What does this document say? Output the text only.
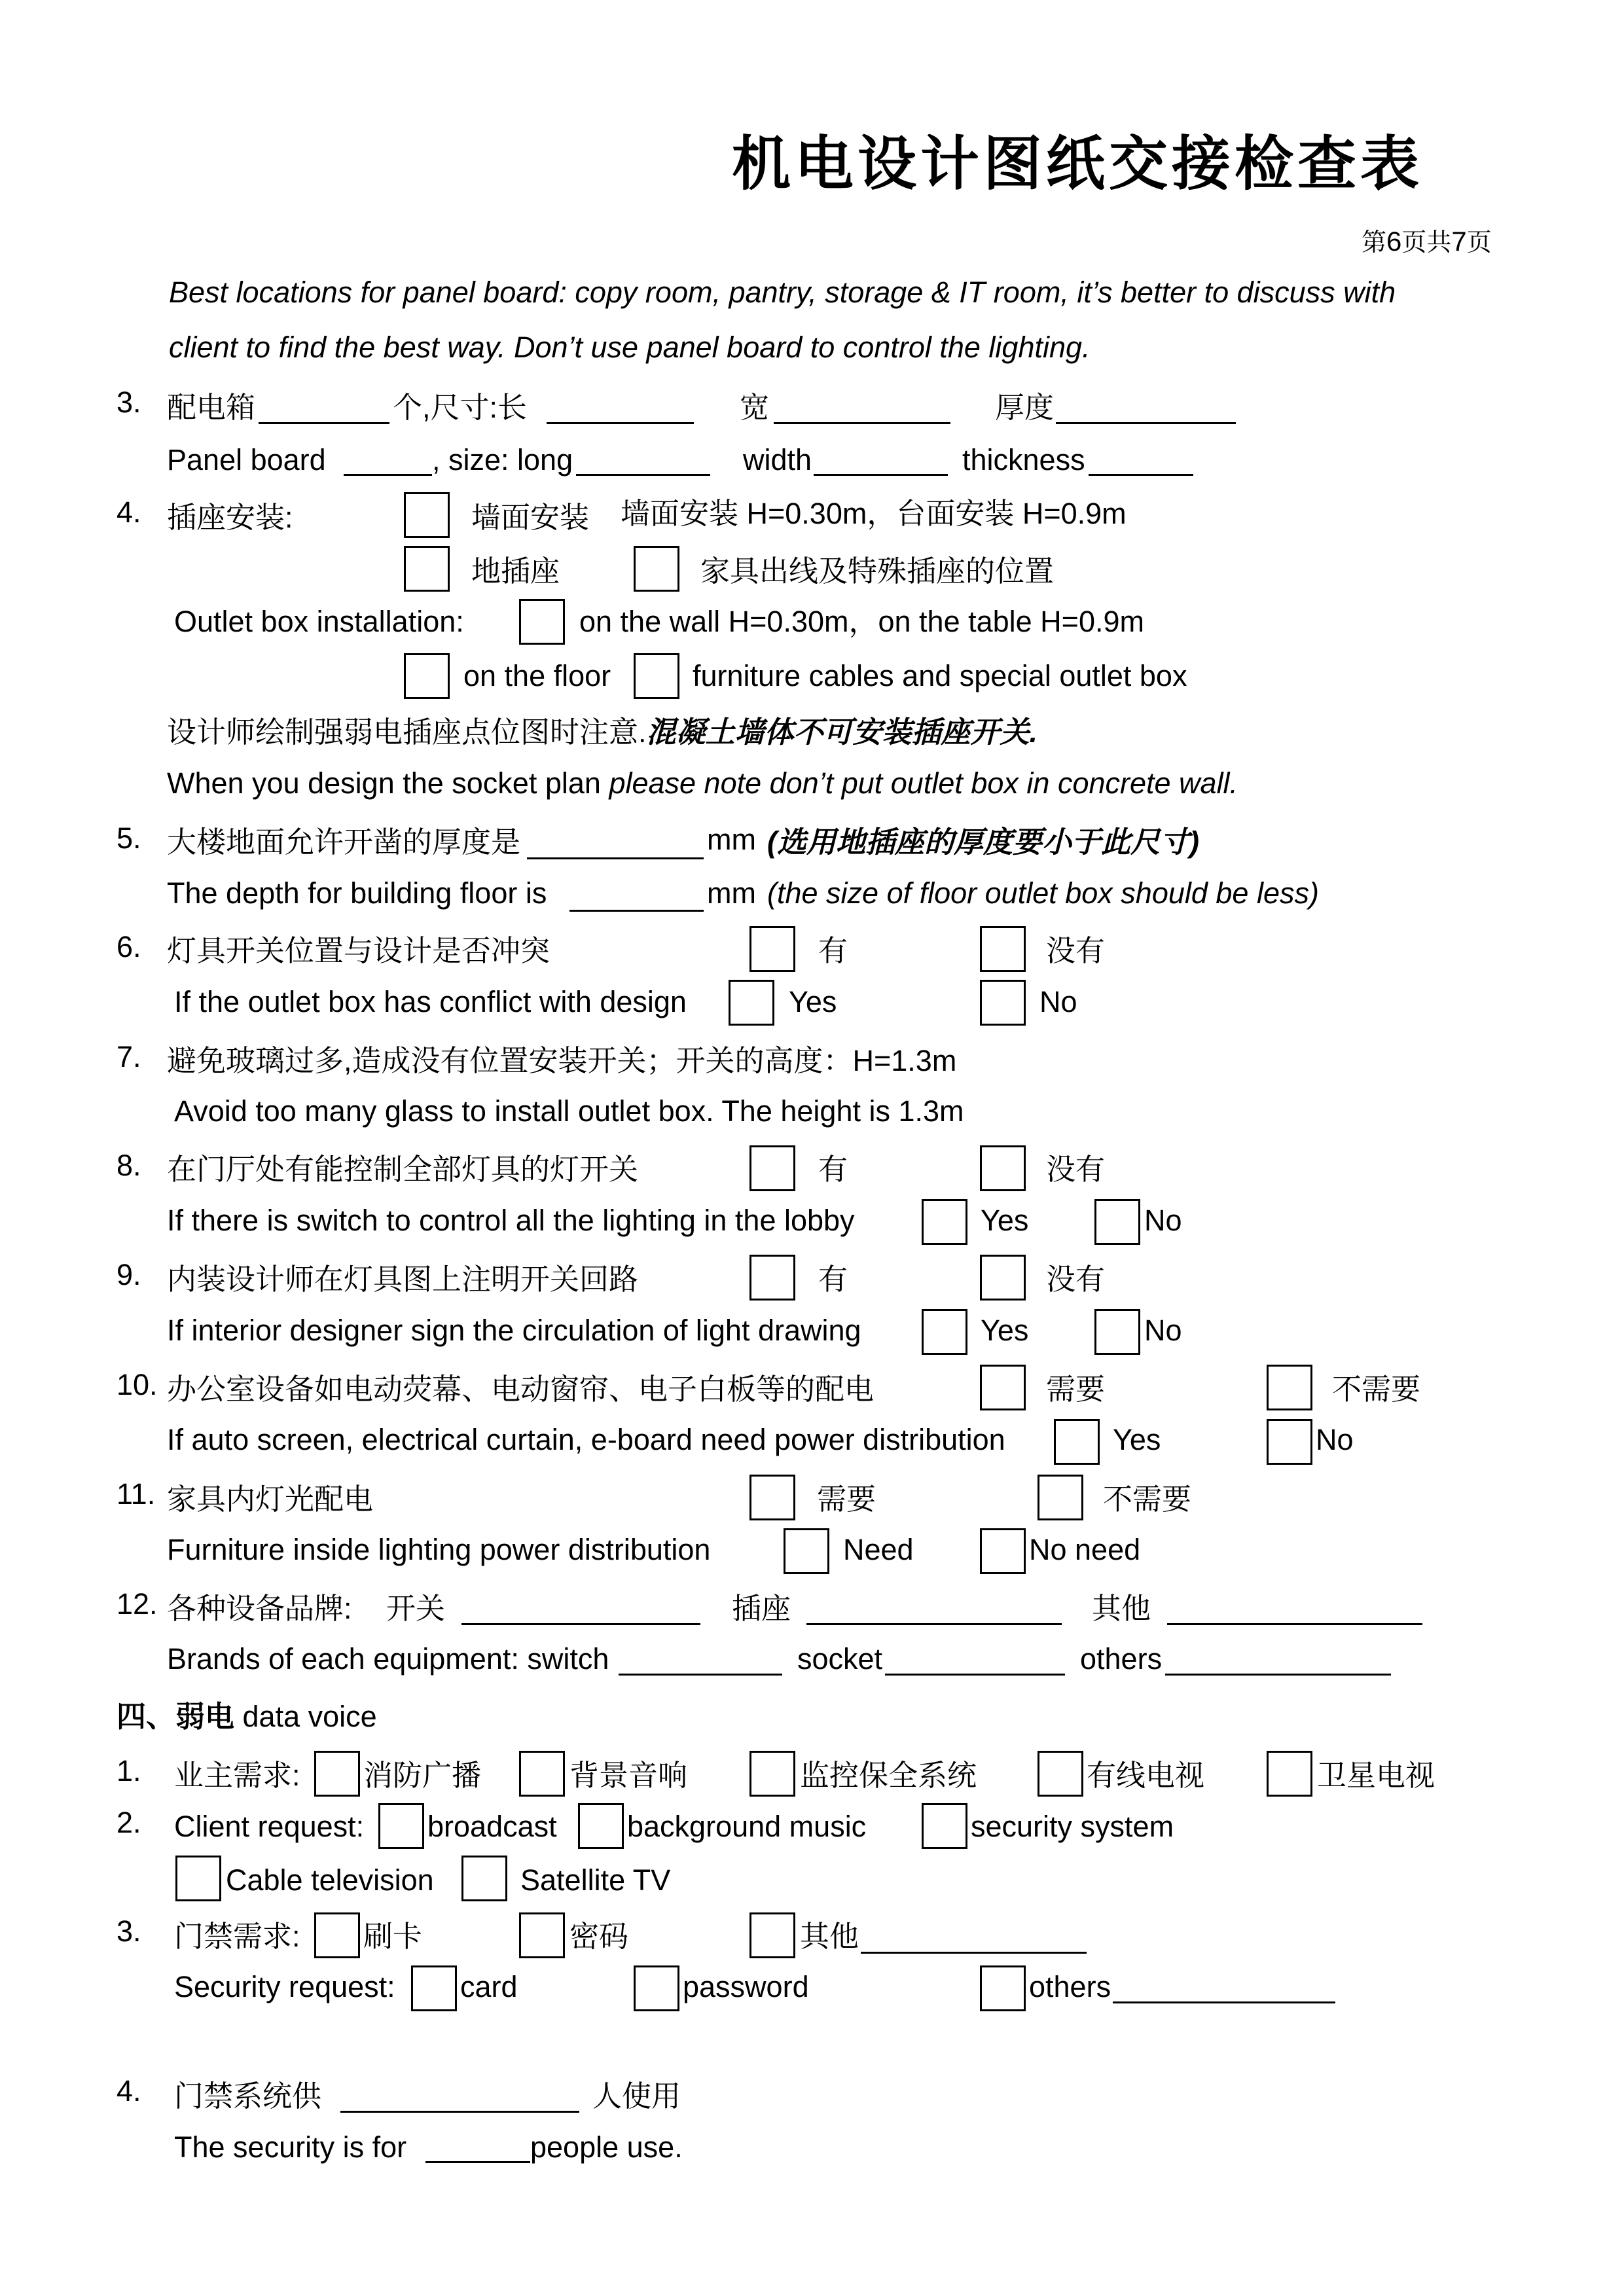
机电设计图纸交接检查表
第6页共7页
Best locations for panel board: copy room, pantry, storage & IT room, it’s better to discuss with
client to find the best way. Don’t use panel board to control the lighting.
3. 配电箱	个,尺寸:长	宽	厚度
Panel board	, size: long	width	thickness
4. 插座安装:	墙面安装 墙面安装 H=0.30m，台面安装 H=0.9m
地插座	家具出线及特殊插座的位置
Outlet box installation:	on the wall H=0.30m，on the table H=0.9m
on the floor	furniture cables and special outlet box
设计师绘制强弱电插座点位图时注意.混凝土墙体不可安装插座开关.
When you design the socket plan please note don’t put outlet box in concrete wall.
5. 大楼地面允许开凿的厚度是	mm (选用地插座的厚度要小于此尺寸)
The depth for building floor is	mm (the size of floor outlet box should be less)
6. 灯具开关位置与设计是否冲突	有	没有
If the outlet box has conflict with design	Yes	No
7. 避免玻璃过多,造成没有位置安装开关；开关的高度：H=1.3m
Avoid too many glass to install outlet box. The height is 1.3m
8. 在门厅处有能控制全部灯具的灯开关	有	没有
If there is switch to control all the lighting in the lobby	Yes	No
9. 内装设计师在灯具图上注明开关回路	有	没有
If interior designer sign the circulation of light drawing	Yes	No
10. 办公室设备如电动荧幕、电动窗帘、电子白板等的配电	需要	不需要
If auto screen, electrical curtain, e-board need power distribution	Yes	No
11. 家具内灯光配电	需要	不需要
Furniture inside lighting power distribution	Need	No need
12. 各种设备品牌: 开关	插座	其他
Brands of each equipment: switch	socket	others
四、弱电 data voice
1. 业主需求: 消防广播	背景音响	监控保全系统	有线电视	卫星电视
2. Client request: broadcast background music	security system
Cable television	Satellite TV
3. 门禁需求: 刷卡	密码	其他
Security request: card	password	others
4. 门禁系统供	人使用
The security is for	people use.
